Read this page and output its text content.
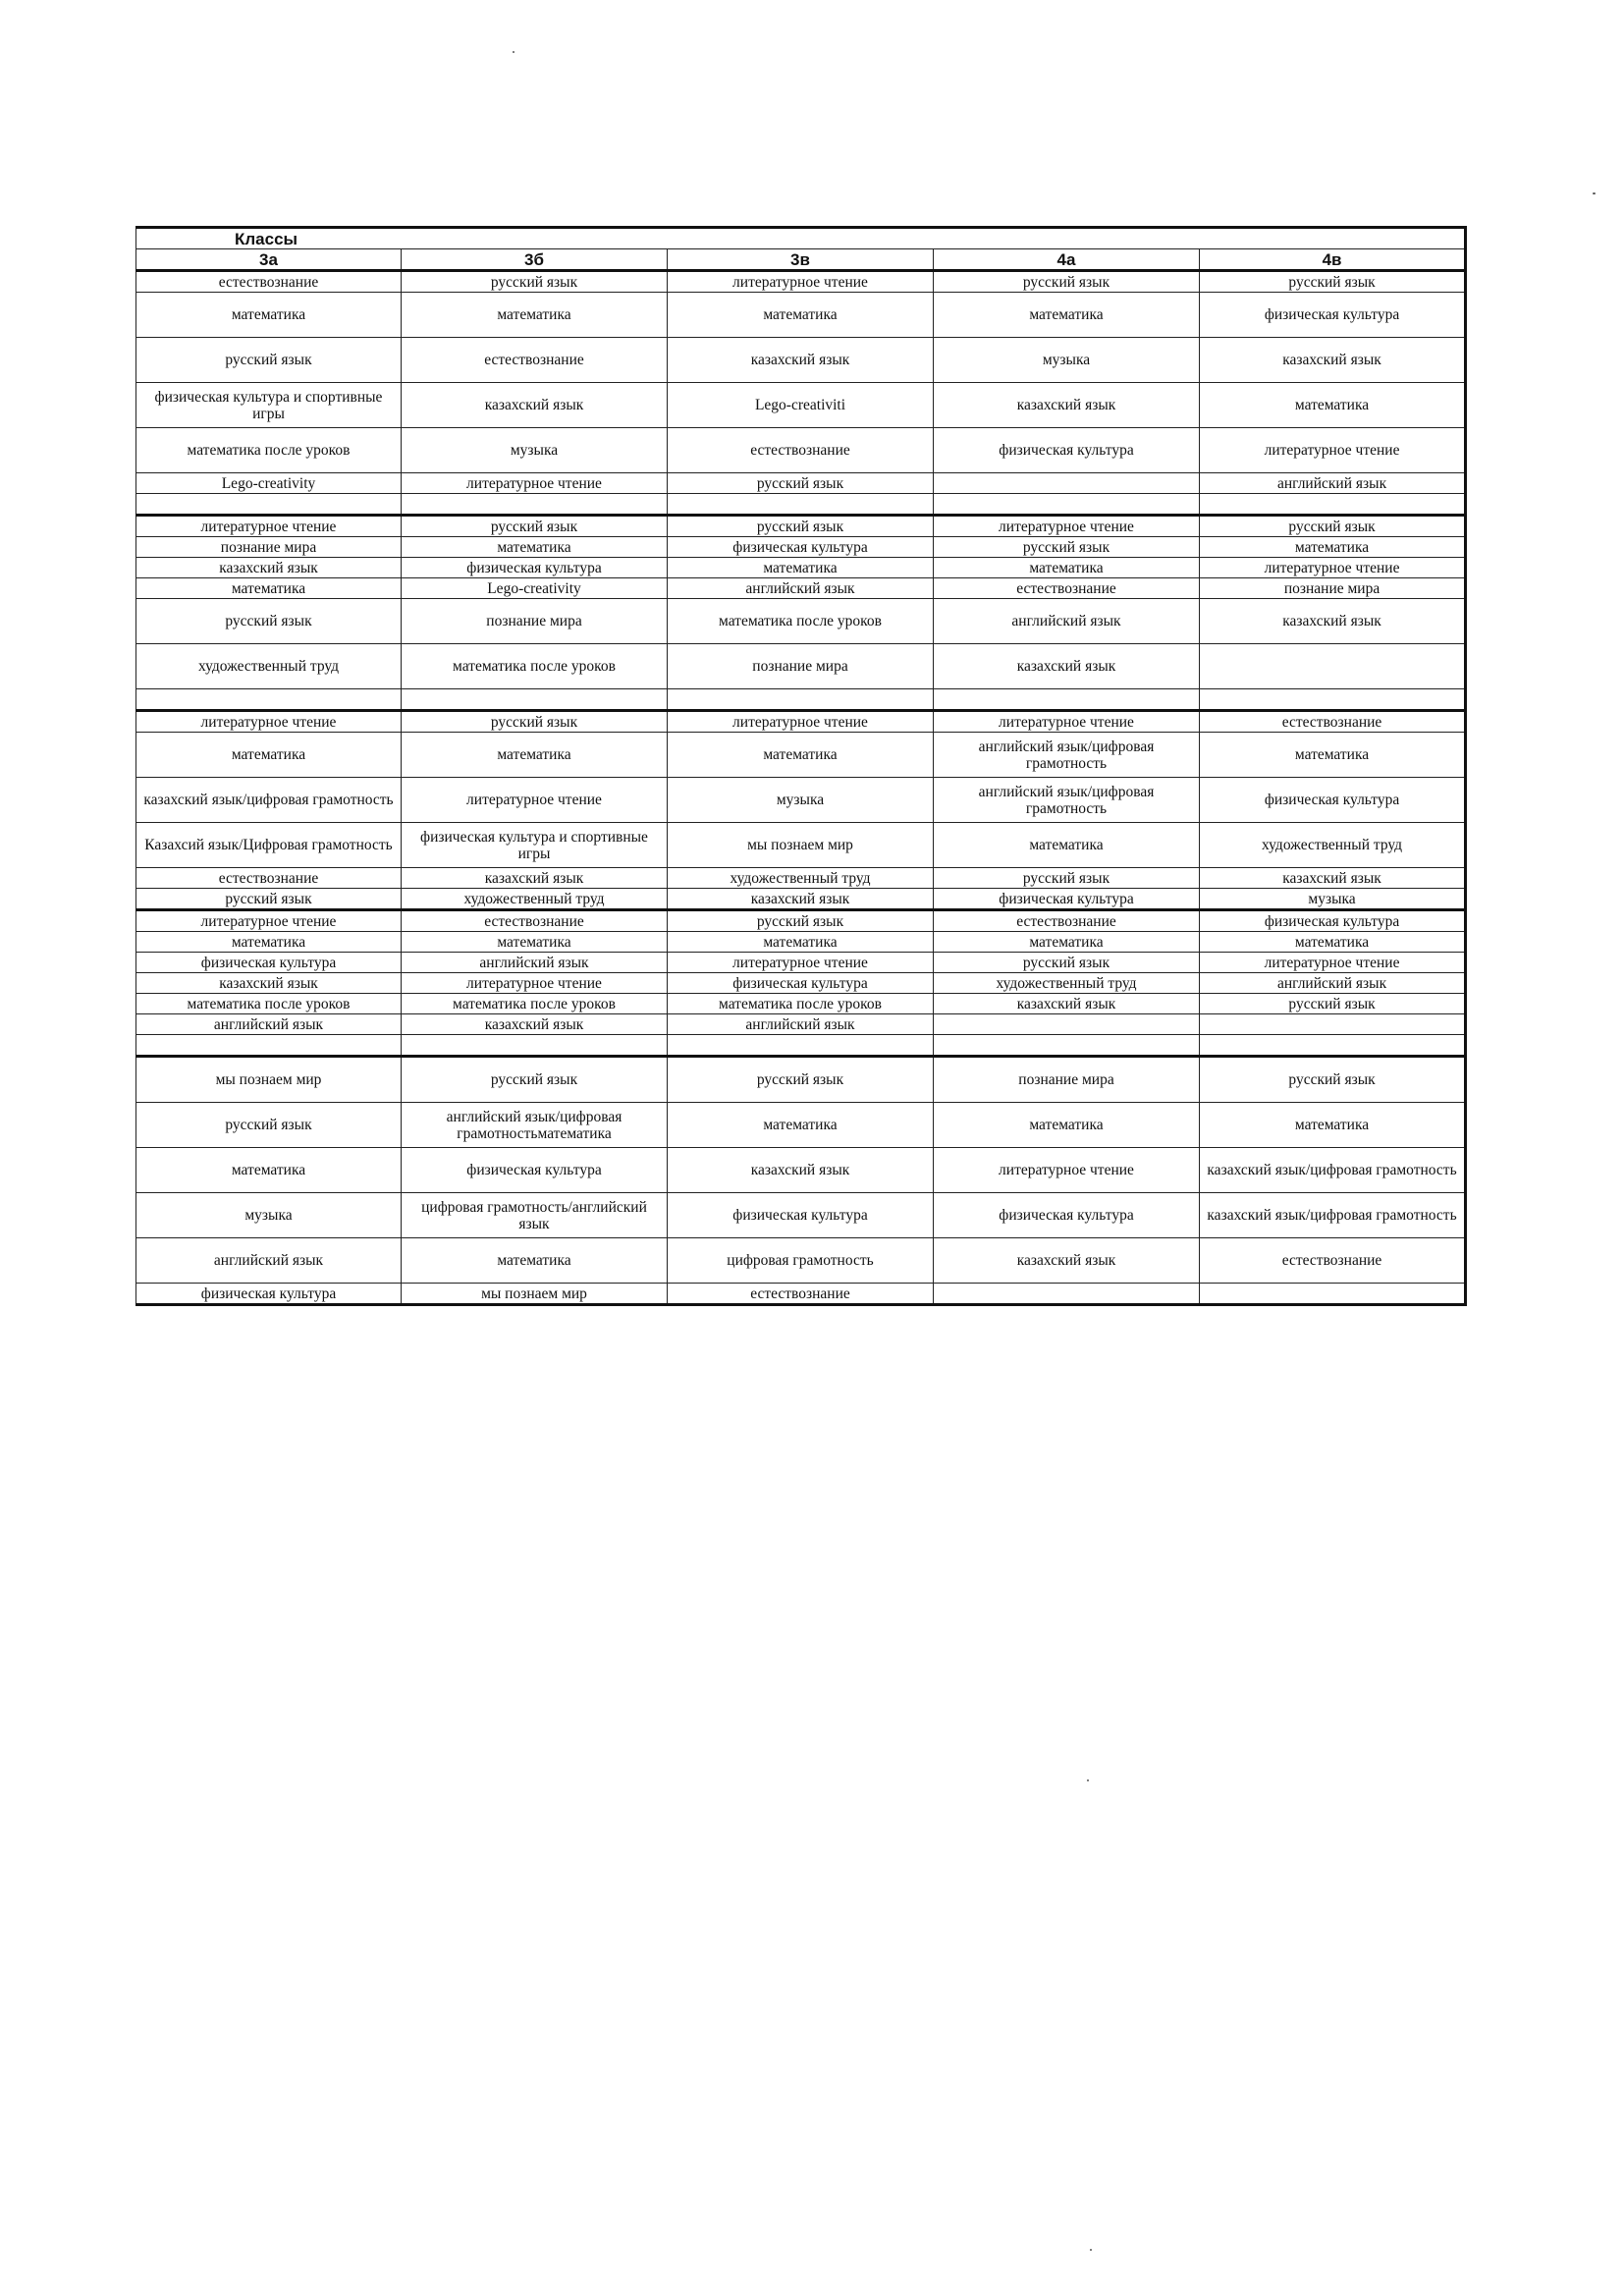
Классы				
3а	3б	3в	4а	4в
естествознание	русский язык	литературное чтение	русский язык	русский язык
математика	математика	математика	математика	физическая культура
русский язык	естествознание	казахский язык	музыка	казахский язык
физическая культура и спортивные игры	казахский язык	Lego-creativiti	казахский язык	математика
математика после уроков	музыка	естествознание	физическая культура	литературное чтение
Lego-creativity	литературное чтение	русский язык		английский язык

литературное чтение	русский язык	русский язык	литературное чтение	русский язык
познание мира	математика	физическая культура	русский язык	математика
казахский язык	физическая культура	математика	математика	литературное чтение
математика	Lego-creativity	английский язык	естествознание	познание мира
русский язык	познание мира	математика после уроков	английский язык	казахский язык
художественный труд	математика после уроков	познание мира	казахский язык	

литературное чтение	русский язык	литературное чтение	литературное чтение	естествознание
математика	математика	математика	английский язык/цифровая грамотность	математика
казахский язык/цифровая грамотность	литературное чтение	музыка	английский язык/цифровая грамотность	физическая культура
Казахсий язык/Цифровая грамотность	физическая культура и спортивные игры	мы познаем мир	математика	художественный труд
естествознание	казахский язык	художественный труд	русский язык	казахский язык
русский язык	художественный труд	казахский язык	физическая культура	музыка
литературное чтение	естествознание	русский язык	естествознание	физическая культура
математика	математика	математика	математика	математика
физическая культура	английский язык	литературное чтение	русский язык	литературное чтение
казахский язык	литературное чтение	физическая культура	художественный труд	английский язык
математика после уроков	математика после уроков	математика после уроков	казахский язык	русский язык
английский язык	казахский язык	английский язык		

мы познаем мир	русский язык	русский язык	познание мира	русский язык
русский язык	английский язык/цифровая грамотностьматематика	математика	математика	математика
математика	физическая культура	казахский язык	литературное чтение	казахский язык/цифровая грамотность
музыка	цифровая грамотность/английский язык	физическая культура	физическая культура	казахский язык/цифровая грамотность
английский язык	математика	цифровая грамотность	казахский язык	естествознание
физическая культура	мы познаем мир	естествознание		
